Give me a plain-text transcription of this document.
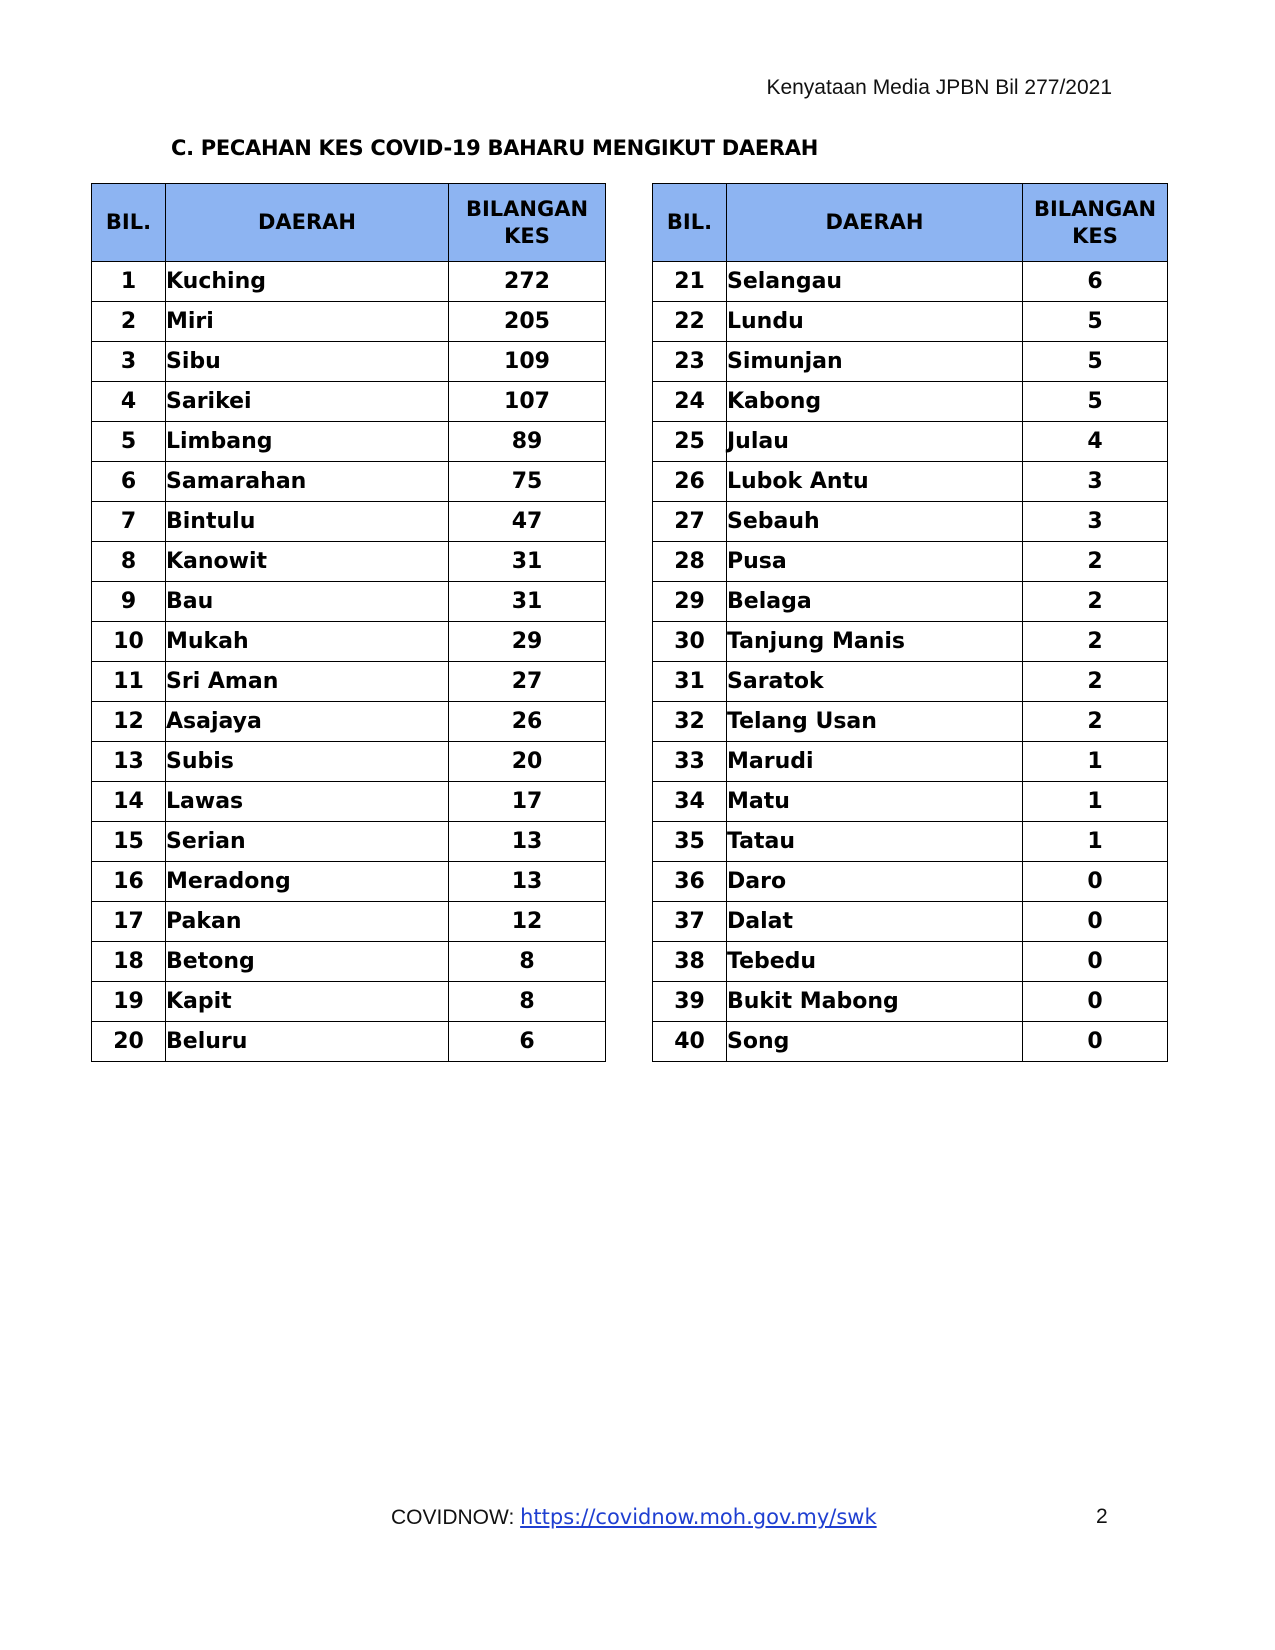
Kenyataan Media JPBN Bil 277/2021
C. PECAHAN KES COVID-19 BAHARU MENGIKUT DAERAH
BIL.	DAERAH	BILANGAN
KES
1	Kuching	272
2	Miri	205
3	Sibu	109
4	Sarikei	107
5	Limbang	89
6	Samarahan	75
7	Bintulu	47
8	Kanowit	31
9	Bau	31
10	Mukah	29
11	Sri Aman	27
12	Asajaya	26
13	Subis	20
14	Lawas	17
15	Serian	13
16	Meradong	13
17	Pakan	12
18	Betong	8
19	Kapit	8
20	Beluru	6
BIL.	DAERAH	BILANGAN
KES
21	Selangau	6
22	Lundu	5
23	Simunjan	5
24	Kabong	5
25	Julau	4
26	Lubok Antu	3
27	Sebauh	3
28	Pusa	2
29	Belaga	2
30	Tanjung Manis	2
31	Saratok	2
32	Telang Usan	2
33	Marudi	1
34	Matu	1
35	Tatau	1
36	Daro	0
37	Dalat	0
38	Tebedu	0
39	Bukit Mabong	0
40	Song	0
COVIDNOW: https://covidnow.moh.gov.my/swk	2
